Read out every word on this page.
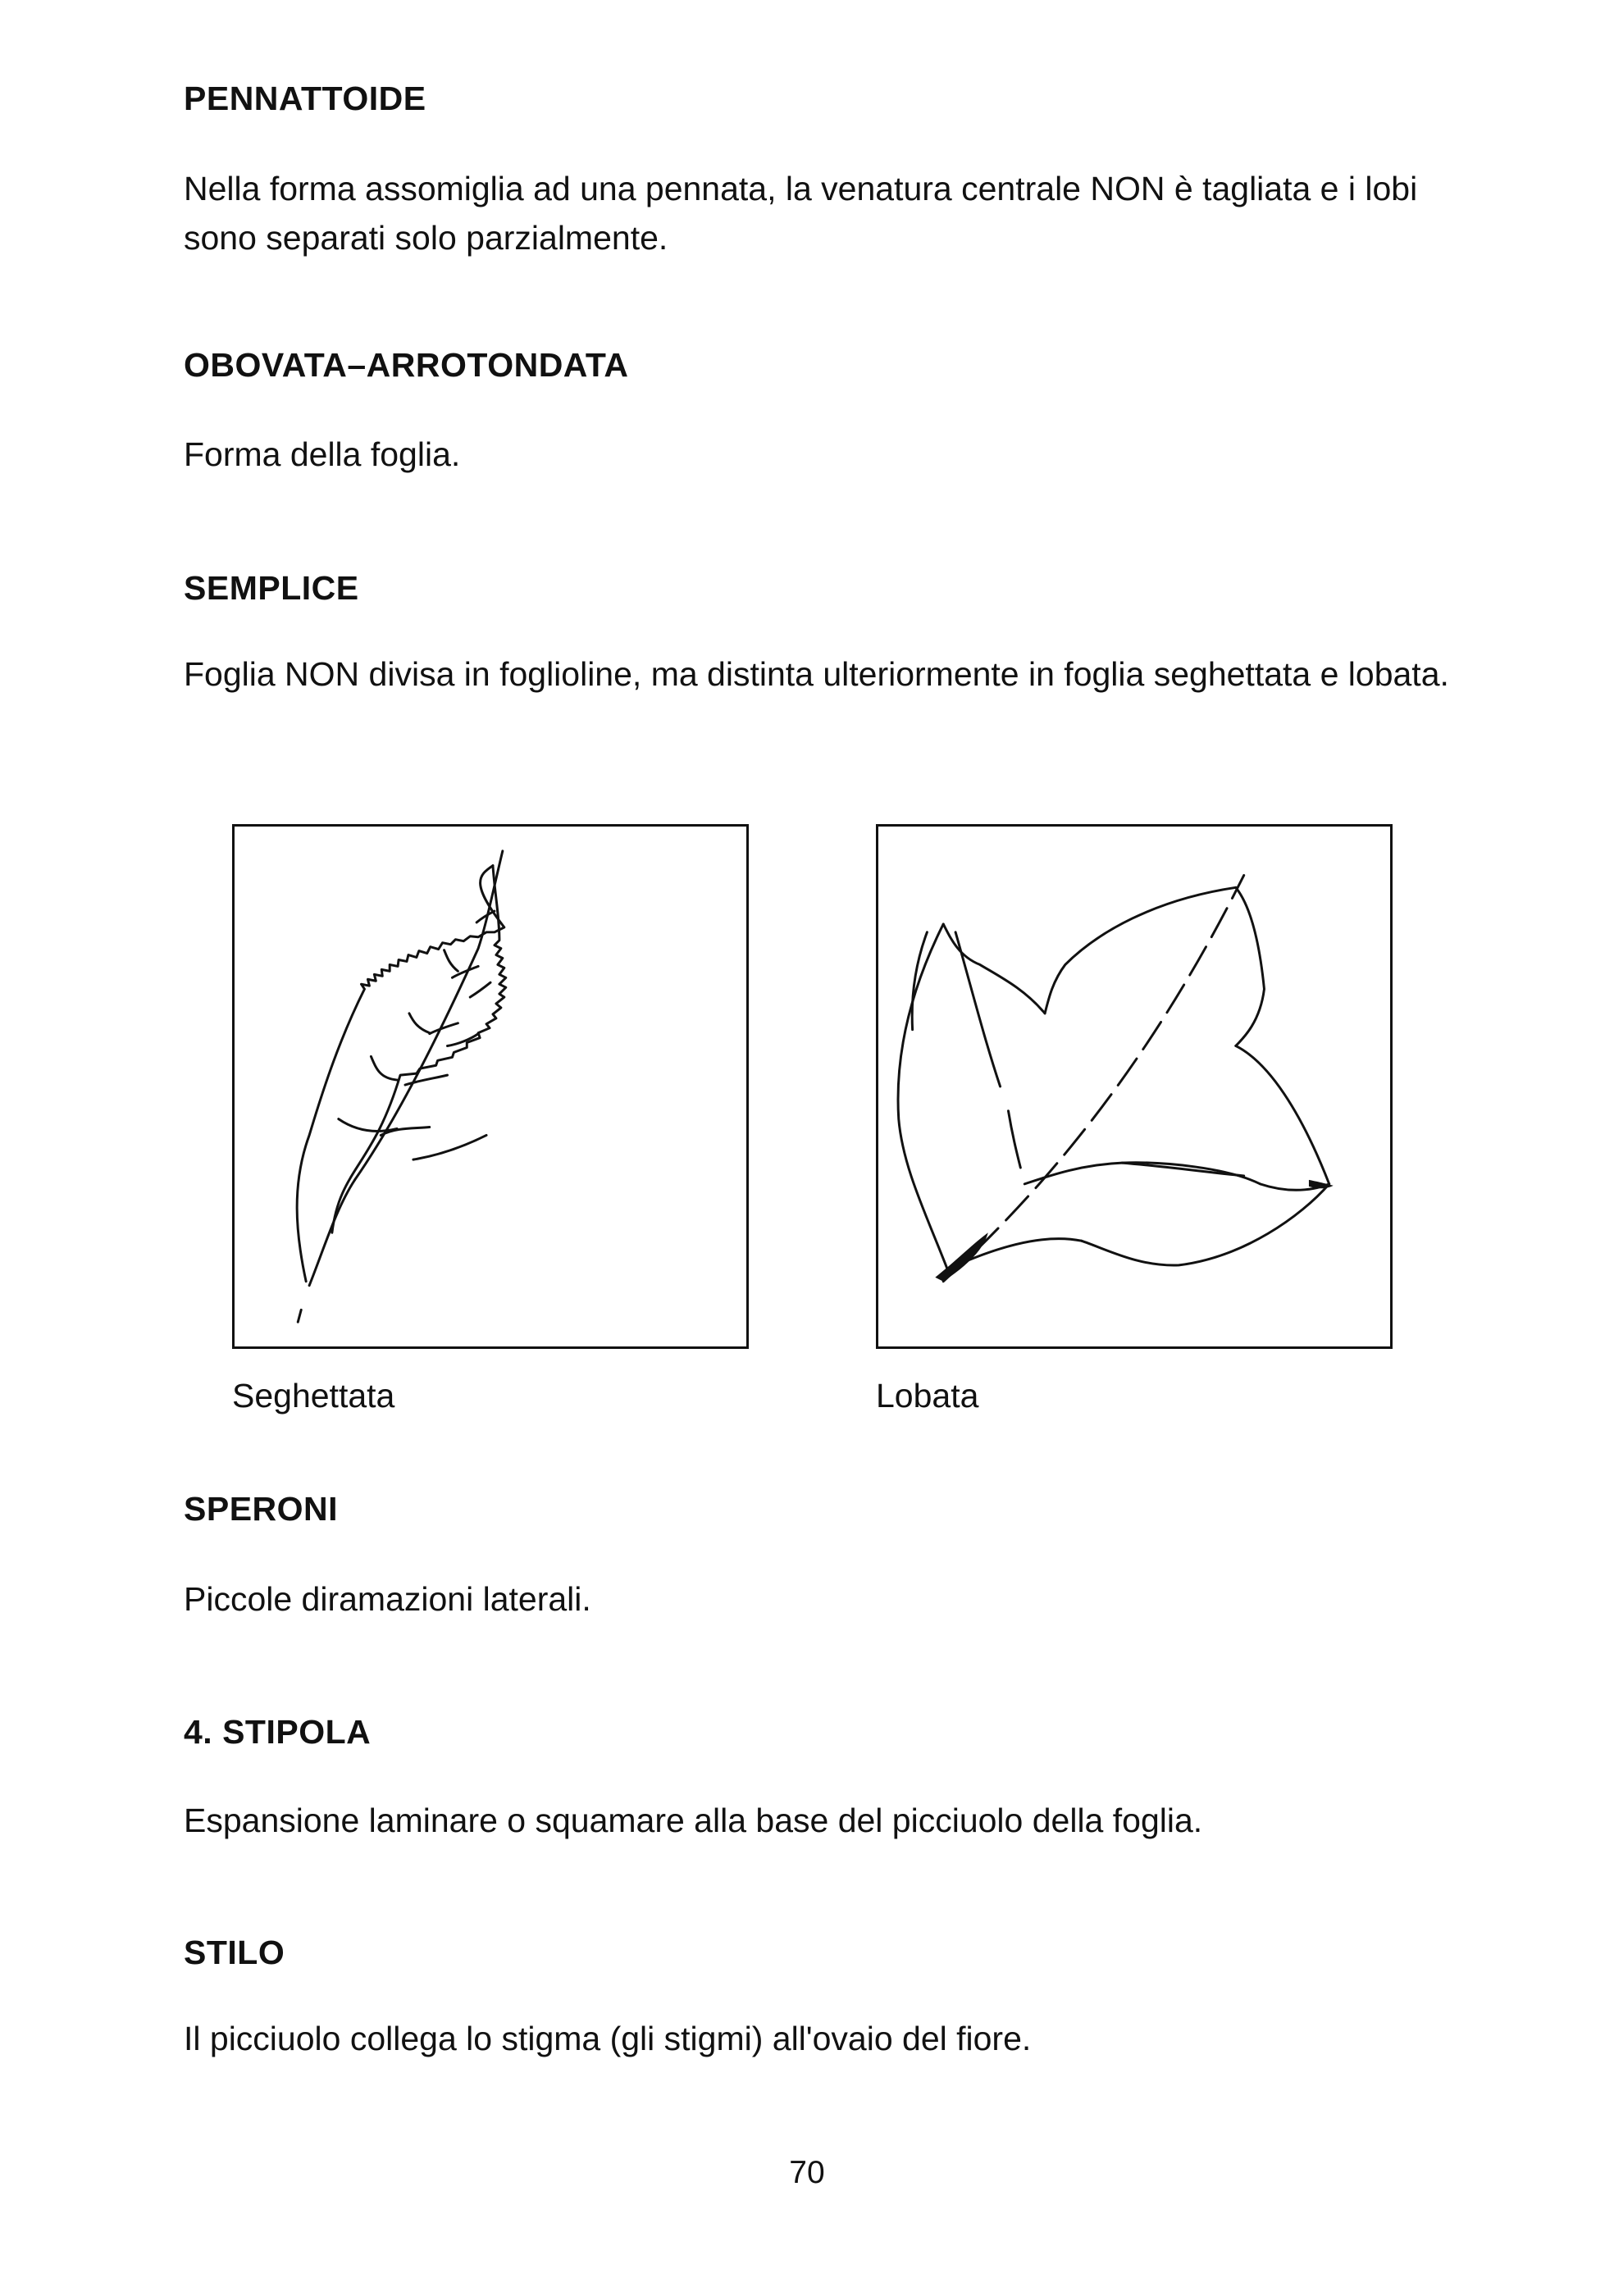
PENNATTOIDE
Nella forma assomiglia ad una pennata, la venatura centrale NON è tagliata e i lobi sono separati solo parzialmente.
OBOVATA–ARROTONDATA
Forma della foglia.
SEMPLICE
Foglia NON divisa in foglioline, ma distinta ulteriormente in foglia seghettata e lobata.
Seghettata	Lobata
SPERONI
Piccole diramazioni laterali.
4. STIPOLA
Espansione laminare o squamare alla base del picciuolo della foglia.
STILO
Il picciuolo collega lo stigma (gli stigmi) all'ovaio del fiore.
70
